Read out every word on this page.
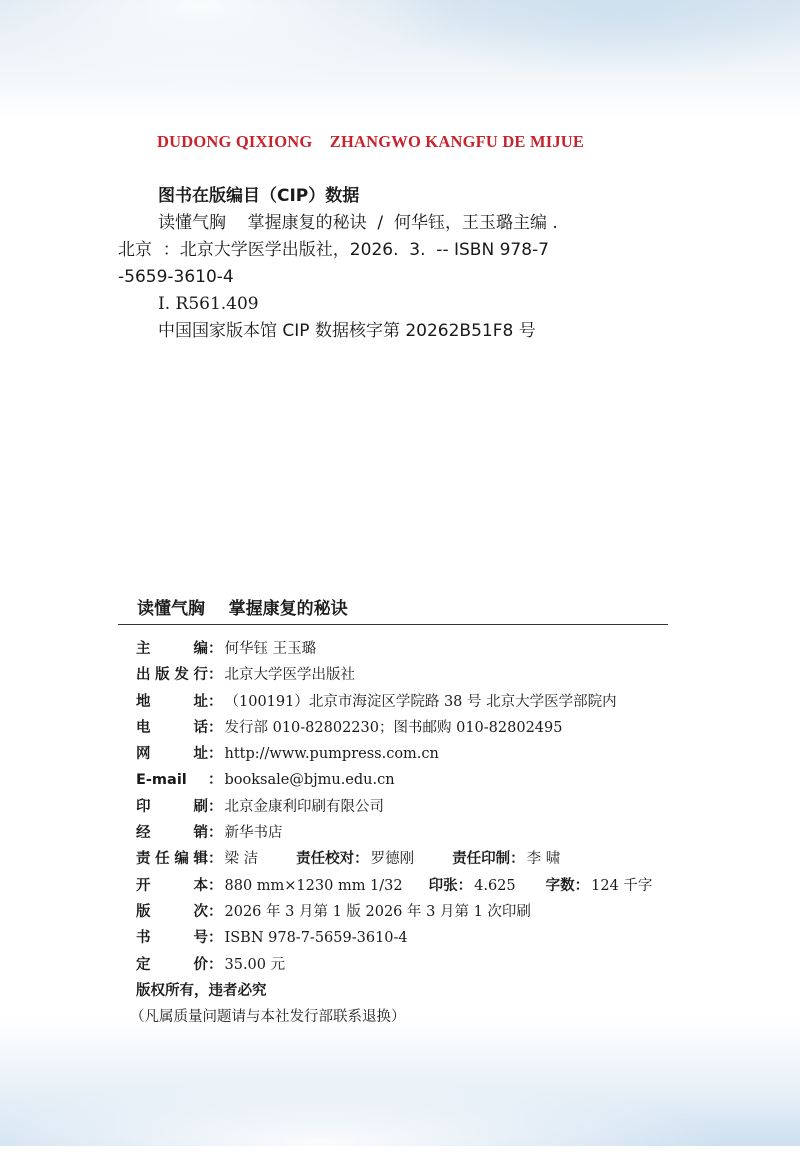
DUDONG QIXIONG    ZHANGWO KANGFU DE MIJUE
图书在版编目（CIP）数据
读懂气胸    掌握康复的秘诀  /  何华钰，王玉璐主编 .
北京  ：北京大学医学出版社，2026.  3.  -- ISBN 978-7
-5659-3610-4
Ⅰ. R561.409
中国国家版本馆 CIP 数据核字第 20262B51F8 号
读懂气胸    掌握康复的秘诀
主编 ： 何华钰 王玉璐
出版发行 ： 北京大学医学出版社
地址 ： （100191）北京市海淀区学院路 38 号 北京大学医学部院内
电话 ： 发行部 010-82802230；图书邮购 010-82802495
网址 ： http://www.pumpress.com.cn
E-mail	： booksale@bjmu.edu.cn
印刷 ： 北京金康利印刷有限公司
经销 ： 新华书店
责任编辑 ： 梁 洁	责任校对 ： 罗德刚	责任印制 ： 李 啸
开本 ： 880 mm×1230 mm 1/32 印张 ： 4.625 字数 ： 124 千字
版次 ： 2026 年 3 月第 1 版 2026 年 3 月第 1 次印刷
书号 ： ISBN 978-7-5659-3610-4
定价 ： 35.00 元
版权所有，违者必究
（凡属质量问题请与本社发行部联系退换）
